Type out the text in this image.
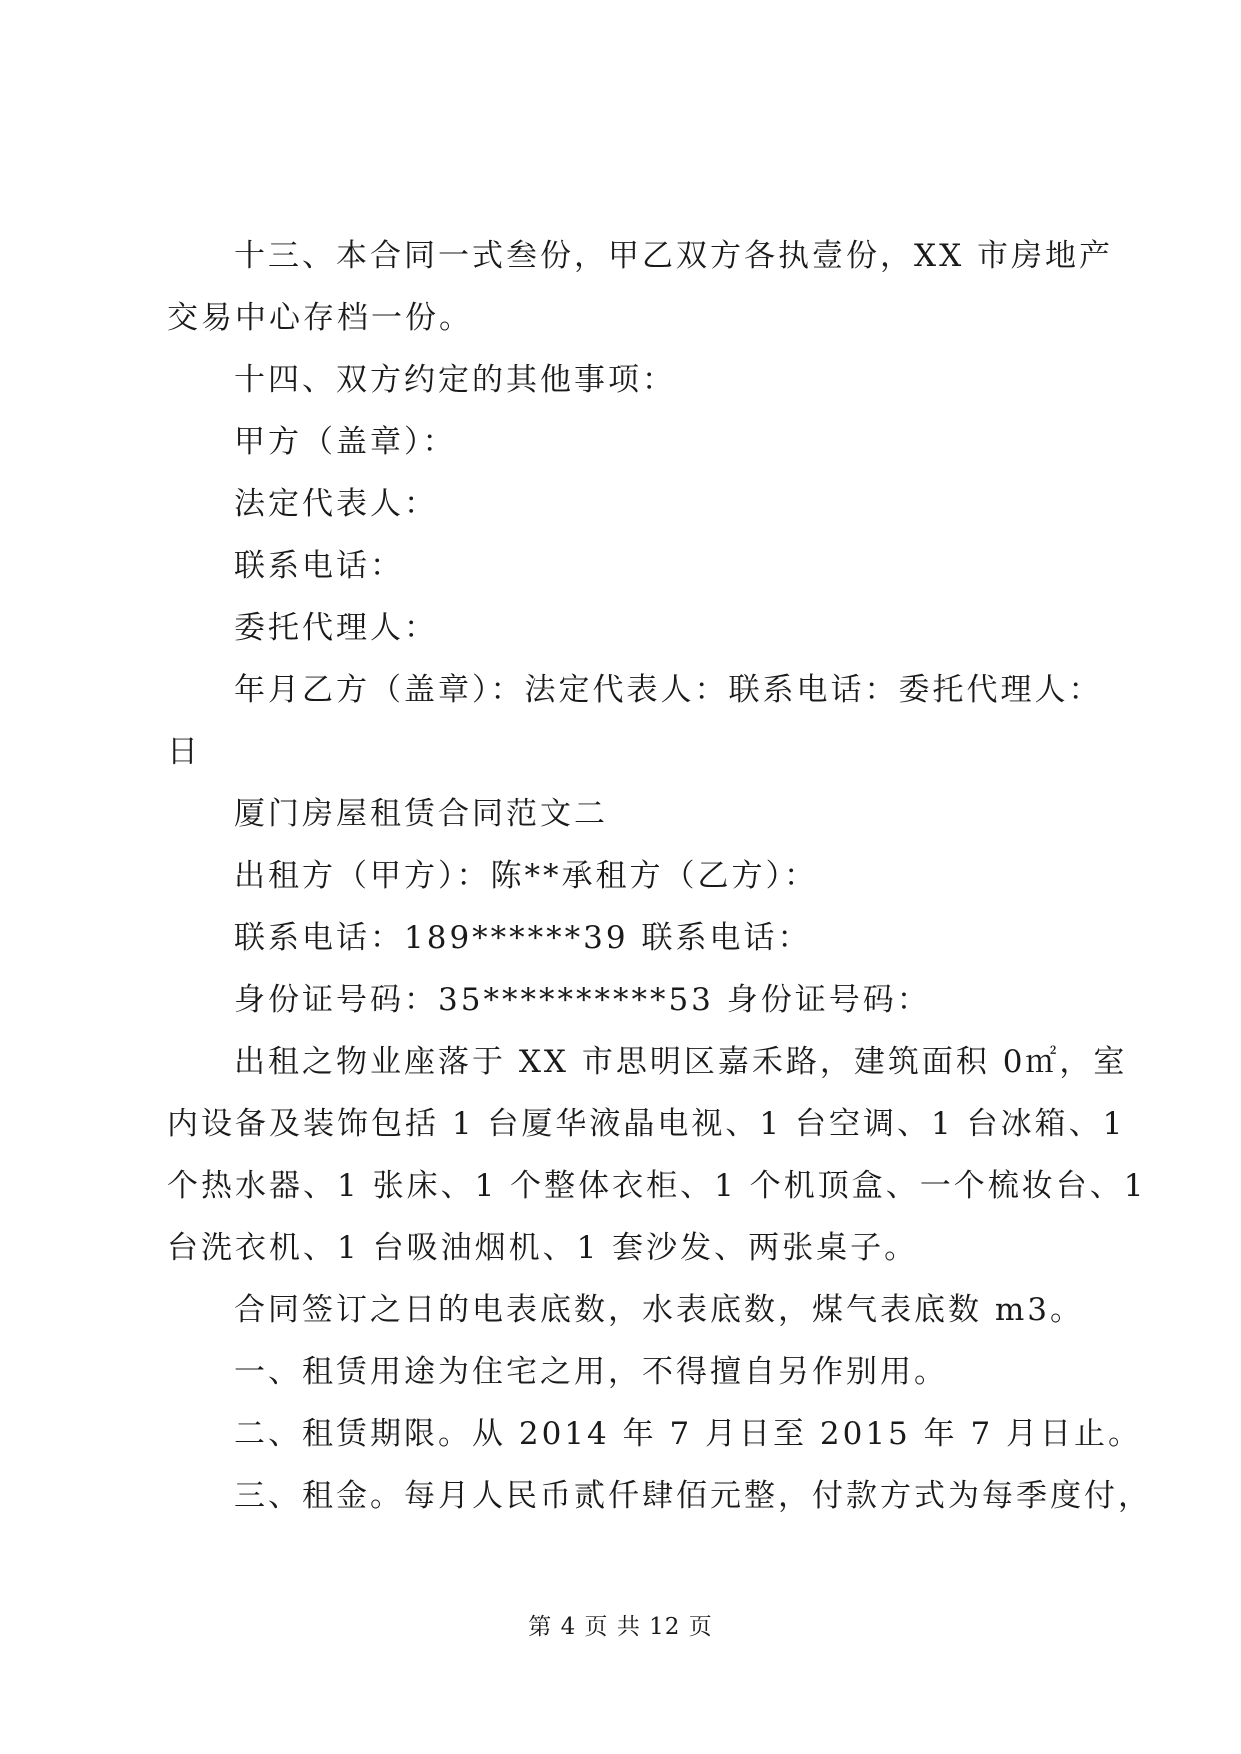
十三、本合同一式叁份，甲乙双方各执壹份，XX 市房地产
交易中心存档一份。
十四、双方约定的其他事项：
甲方（盖章）：
法定代表人：
联系电话：
委托代理人：
年月乙方（盖章）：法定代表人：联系电话：委托代理人：
日
厦门房屋租赁合同范文二
出租方（甲方）：陈**承租方（乙方）：
联系电话：189******39 联系电话：
身份证号码：35**********53 身份证号码：
出租之物业座落于 XX 市思明区嘉禾路，建筑面积 0㎡，室
内设备及装饰包括 1 台厦华液晶电视、1 台空调、1 台冰箱、1
个热水器、1 张床、1 个整体衣柜、1 个机顶盒、一个梳妆台、1
台洗衣机、1 台吸油烟机、1 套沙发、两张桌子。
合同签订之日的电表底数，水表底数，煤气表底数 m3。
一、租赁用途为住宅之用，不得擅自另作别用。
二、租赁期限。从 2014 年 7 月日至 2015 年 7 月日止。
三、租金。每月人民币贰仟肆佰元整，付款方式为每季度付，
第 4 页 共 12 页
